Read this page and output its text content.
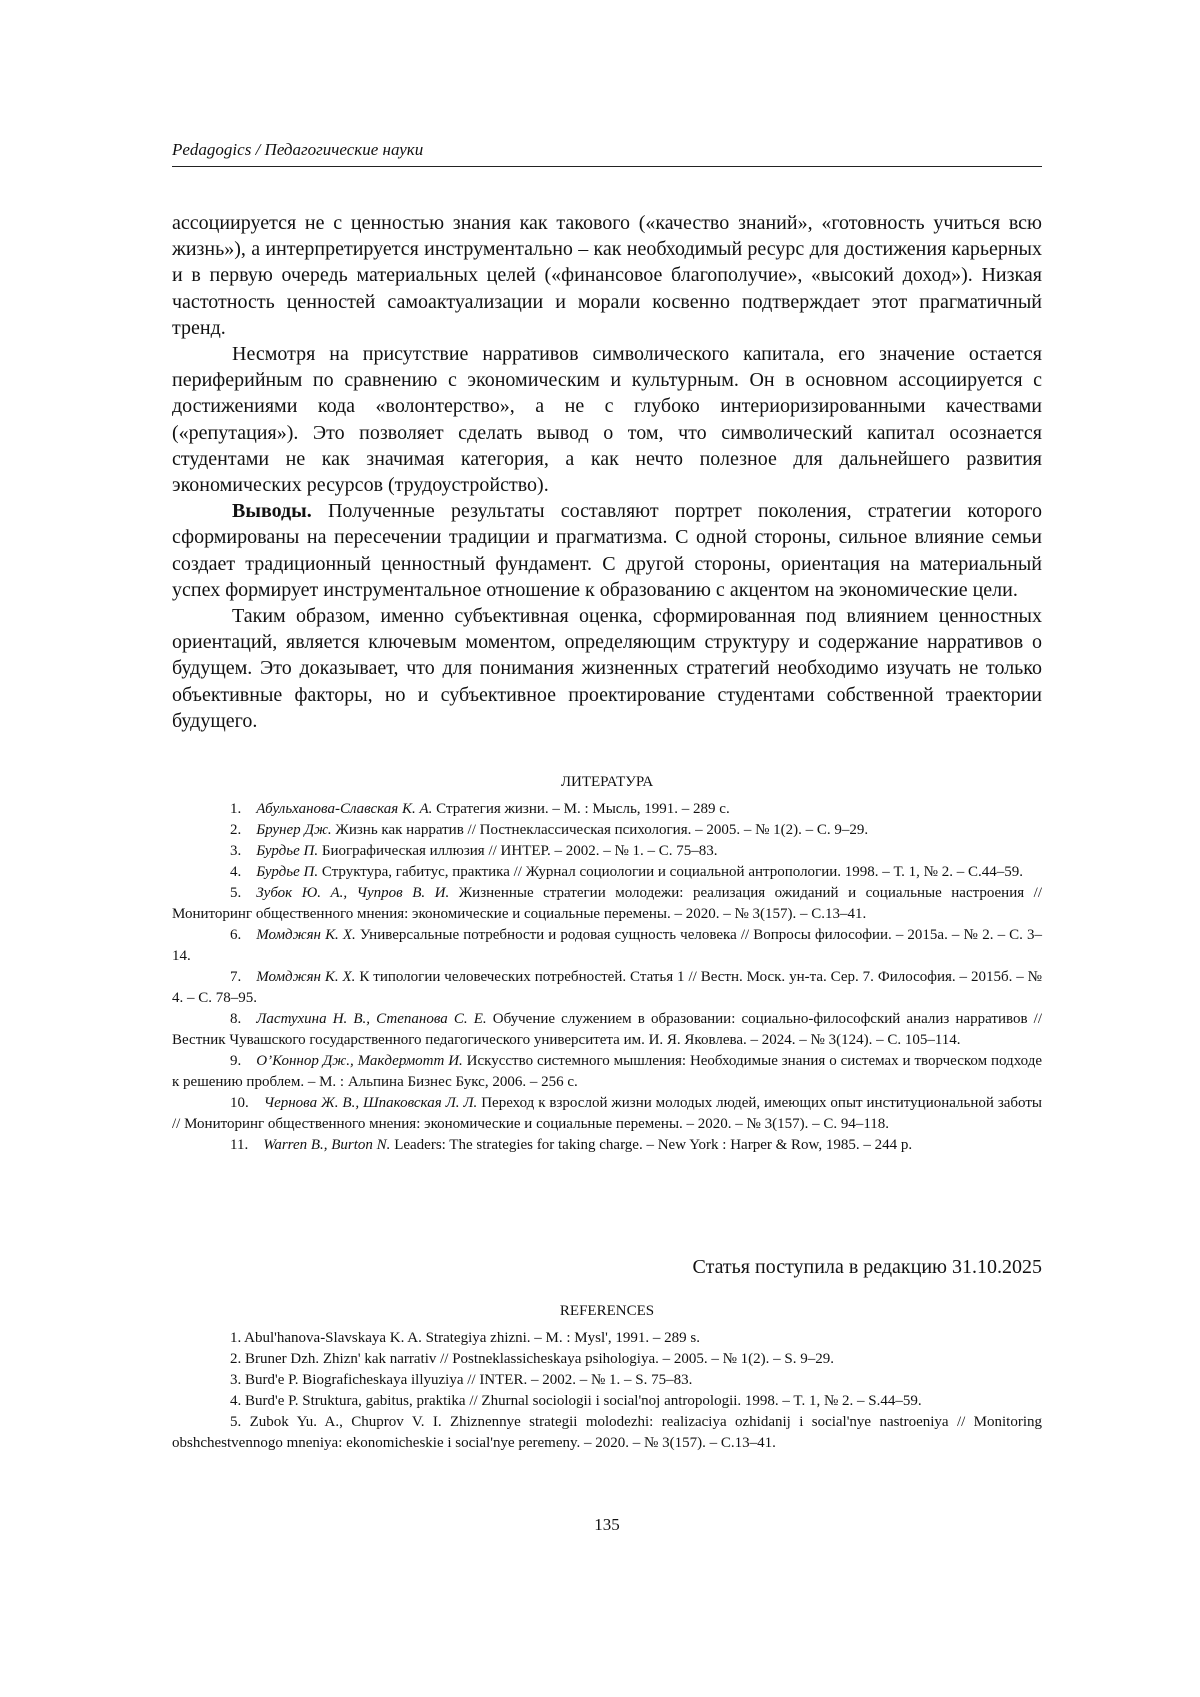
Pedagogics / Педагогические науки

ассоциируется не с ценностью знания как такового («качество знаний», «готовность учиться всю жизнь»), а интерпретируется инструментально – как необходимый ресурс для достижения карьерных и в первую очередь материальных целей («финансовое благополучие», «высокий доход»). Низкая частотность ценностей самоактуализации и морали косвенно подтверждает этот прагматичный тренд.

Несмотря на присутствие нарративов символического капитала, его значение остается периферийным по сравнению с экономическим и культурным. Он в основном ассоциируется с достижениями кода «волонтерство», а не с глубоко интериоризированными качествами («репутация»). Это позволяет сделать вывод о том, что символический капитал осознается студентами не как значимая категория, а как нечто полезное для дальнейшего развития экономических ресурсов (трудоустройство).

Выводы. Полученные результаты составляют портрет поколения, стратегии которого сформированы на пересечении традиции и прагматизма. С одной стороны, сильное влияние семьи создает традиционный ценностный фундамент. С другой стороны, ориентация на материальный успех формирует инструментальное отношение к образованию с акцентом на экономические цели.

Таким образом, именно субъективная оценка, сформированная под влиянием ценностных ориентаций, является ключевым моментом, определяющим структуру и содержание нарративов о будущем. Это доказывает, что для понимания жизненных стратегий необходимо изучать не только объективные факторы, но и субъективное проектирование студентами собственной траектории будущего.

ЛИТЕРАТУРА

1.  Абульханова-Славская К. А. Стратегия жизни. – М. : Мысль, 1991. – 289 с.

2.  Брунер Дж. Жизнь как нарратив // Постнеклассическая психология. – 2005. – № 1(2). – С. 9–29.

3.  Бурдье П. Биографическая иллюзия // ИНТЕР. – 2002. – № 1. – С. 75–83.

4.  Бурдье П. Структура, габитус, практика // Журнал социологии и социальной антропологии. 1998. – Т. 1, № 2. – С.44–59.

5.  Зубок Ю. А., Чупров В. И. Жизненные стратегии молодежи: реализация ожиданий и социальные настроения // Мониторинг общественного мнения: экономические и социальные перемены. – 2020. – № 3(157). – С.13–41.

6.  Момджян К. Х. Универсальные потребности и родовая сущность человека // Вопросы философии. – 2015а. – № 2. – С. 3–14.

7.  Момджян К. Х. К типологии человеческих потребностей. Статья 1 // Вестн. Моск. ун-та. Сер. 7. Философия. – 2015б. – № 4. – С. 78–95.

8.  Ластухина Н. В., Степанова С. Е. Обучение служением в образовании: социально-философский анализ нарративов // Вестник Чувашского государственного педагогического университета им. И. Я. Яковлева. – 2024. – № 3(124). – С. 105–114.

9.  О’Коннор Дж., Макдермотт И. Искусство системного мышления: Необходимые знания о системах и творческом подходе к решению проблем. – М. : Альпина Бизнес Букс, 2006. – 256 с.

10.  Чернова Ж. В., Шпаковская Л. Л. Переход к взрослой жизни молодых людей, имеющих опыт институциональной заботы // Мониторинг общественного мнения: экономические и социальные перемены. – 2020. – № 3(157). – С. 94–118.

11.  Warren B., Burton N. Leaders: The strategies for taking charge. – New York : Harper & Row, 1985. – 244 p.

Статья поступила в редакцию 31.10.2025
REFERENCES

1. Abul'hanova-Slavskaya K. A. Strategiya zhizni. – M. : Mysl', 1991. – 289 s.

2. Bruner Dzh. Zhizn' kak narrativ // Postneklassicheskaya psihologiya. – 2005. – № 1(2). – S. 9–29.

3. Burd'e P. Biograficheskaya illyuziya // INTER. – 2002. – № 1. – S. 75–83.

4. Burd'e P. Struktura, gabitus, praktika // Zhurnal sociologii i social'noj antropologii. 1998. – T. 1, № 2. – S.44–59.

5. Zubok Yu. A., Chuprov V. I. Zhiznennye strategii molodezhi: realizaciya ozhidanij i social'nye nastroeniya // Monitoring obshchestvennogo mneniya: ekonomicheskie i social'nye peremeny. – 2020. – № 3(157). – С.13–41.

135
